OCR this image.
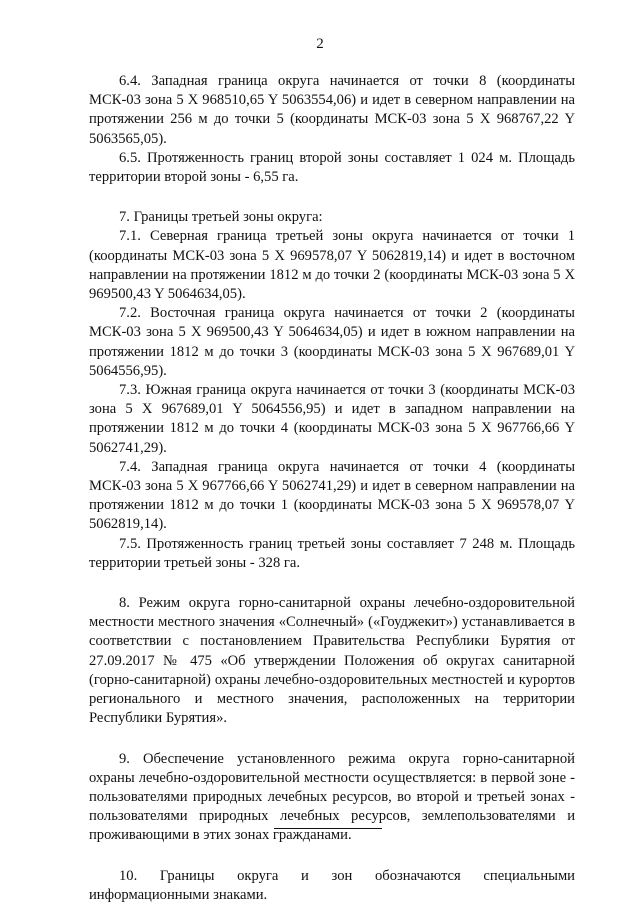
2

6.4. Западная граница округа начинается от точки 8 (координаты МСК-03 зона 5 X 968510,65 Y 5063554,06) и идет в северном направлении на протяжении 256 м до точки 5 (координаты МСК-03 зона 5 X 968767,22 Y 5063565,05).

6.5. Протяженность границ второй зоны составляет 1 024 м. Площадь территории второй зоны - 6,55 га.

7. Границы третьей зоны округа:

7.1. Северная граница третьей зоны округа начинается от точки 1 (координаты МСК-03 зона 5 X 969578,07 Y 5062819,14) и идет в восточном направлении на протяжении 1812 м до точки 2 (координаты МСК-03 зона 5 X 969500,43 Y 5064634,05).

7.2. Восточная граница округа начинается от точки 2 (координаты МСК-03 зона 5 X 969500,43 Y 5064634,05) и идет в южном направлении на протяжении 1812 м до точки 3 (координаты МСК-03 зона 5 X 967689,01 Y 5064556,95).

7.3. Южная граница округа начинается от точки 3 (координаты МСК-03 зона 5 X 967689,01 Y 5064556,95) и идет в западном направлении на протяжении 1812 м до точки 4 (координаты МСК-03 зона 5 X 967766,66 Y 5062741,29).

7.4. Западная граница округа начинается от точки 4 (координаты МСК-03 зона 5 X 967766,66 Y 5062741,29) и идет в северном направлении на протяжении 1812 м до точки 1 (координаты МСК-03 зона 5 X 969578,07 Y 5062819,14).

7.5. Протяженность границ третьей зоны составляет 7 248 м. Площадь территории третьей зоны - 328 га.

8. Режим округа горно-санитарной охраны лечебно-оздоровительной местности местного значения «Солнечный» («Гоуджекит») устанавливается в соответствии с постановлением Правительства Республики Бурятия от 27.09.2017 № 475 «Об утверждении Положения об округах санитарной (горно-санитарной) охраны лечебно-оздоровительных местностей и курортов регионального и местного значения, расположенных на территории Республики Бурятия».

9. Обеспечение установленного режима округа горно-санитарной охраны лечебно-оздоровительной местности осуществляется: в первой зоне - пользователями природных лечебных ресурсов, во второй и третьей зонах - пользователями природных лечебных ресурсов, землепользователями и проживающими в этих зонах гражданами.

10. Границы округа и зон обозначаются специальными информационными знаками.
